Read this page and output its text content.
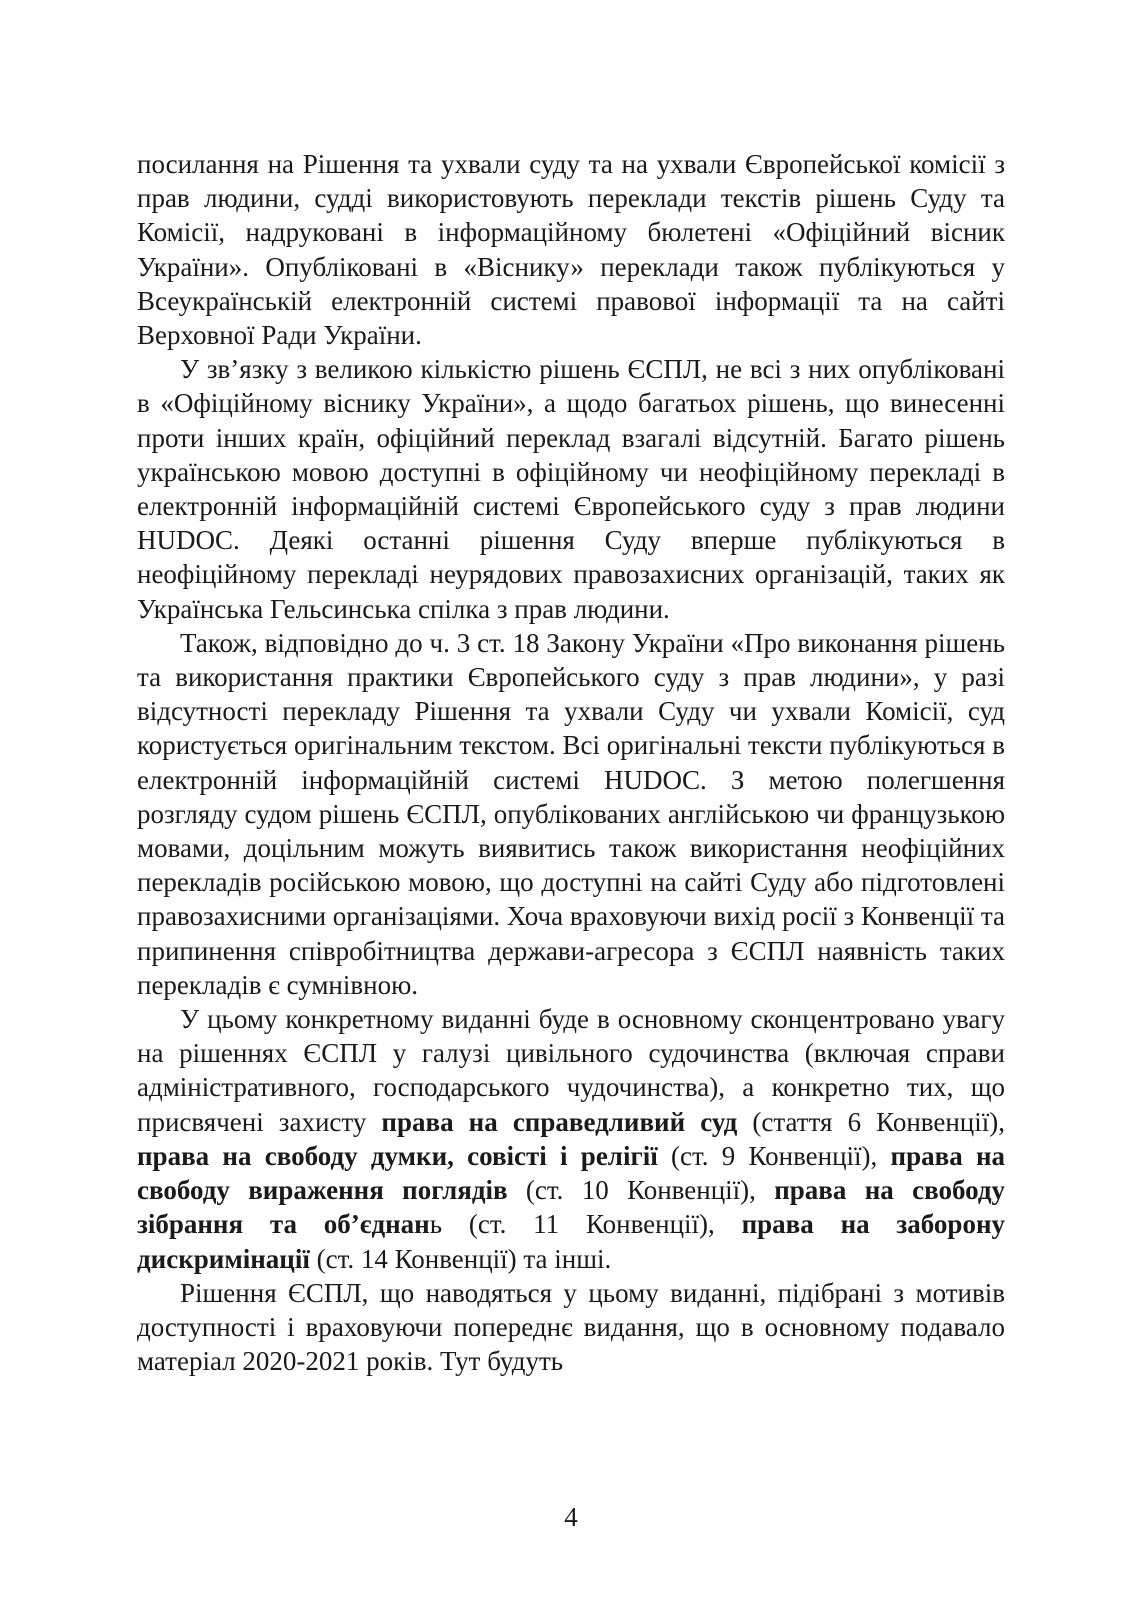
посилання на Рішення та ухвали суду та на ухвали Європейської комісії з прав людини, судді використовують переклади текстів рішень Суду та Комісії, надруковані в інформаційному бюлетені «Офіційний вісник України». Опубліковані в «Віснику» переклади також публікуються у Всеукраїнській електронній системі правової інформації та на сайті Верховної Ради України.

У зв’язку з великою кількістю рішень ЄСПЛ, не всі з них опубліковані в «Офіційному віснику України», а щодо багатьох рішень, що винесенні проти інших країн, офіційний переклад взагалі відсутній. Багато рішень українською мовою доступні в офіційному чи неофіційному перекладі в електронній інформаційній системі Європейського суду з прав людини HUDOC. Деякі останні рішення Суду вперше публікуються в неофіційному перекладі неурядових правозахисних організацій, таких як Українська Гельсинська спілка з прав людини.

Також, відповідно до ч. 3 ст. 18 Закону України «Про виконання рішень та використання практики Європейського суду з прав людини», у разі відсутності перекладу Рішення та ухвали Суду чи ухвали Комісії, суд користується оригінальним текстом. Всі оригінальні тексти публікуються в електронній інформаційній системі HUDOC. З метою полегшення розгляду судом рішень ЄСПЛ, опублікованих англійською чи французькою мовами, доцільним можуть виявитись також використання неофіційних перекладів російською мовою, що доступні на сайті Суду або підготовлені правозахисними організаціями. Хоча враховуючи вихід росії з Конвенції та припинення співробітництва держави-агресора з ЄСПЛ наявність таких перекладів є сумнівною.

У цьому конкретному виданні буде в основному сконцентровано увагу на рішеннях ЄСПЛ у галузі цивільного судочинства (включая справи адміністративного, господарського чудочинства), а конкретно тих, що присвячені захисту права на справедливий суд (стаття 6 Конвенції), права на свободу думки, совісті і релігії (ст. 9 Конвенції), права на свободу вираження поглядів (ст. 10 Конвенції), права на свободу зібрання та об’єднань (ст. 11 Конвенції), права на заборону дискримінації (ст. 14 Конвенції) та інші.

Рішення ЄСПЛ, що наводяться у цьому виданні, підібрані з мотивів доступності і враховуючи попереднє видання, що в основному подавало матеріал 2020-2021 років. Тут будуть

4
